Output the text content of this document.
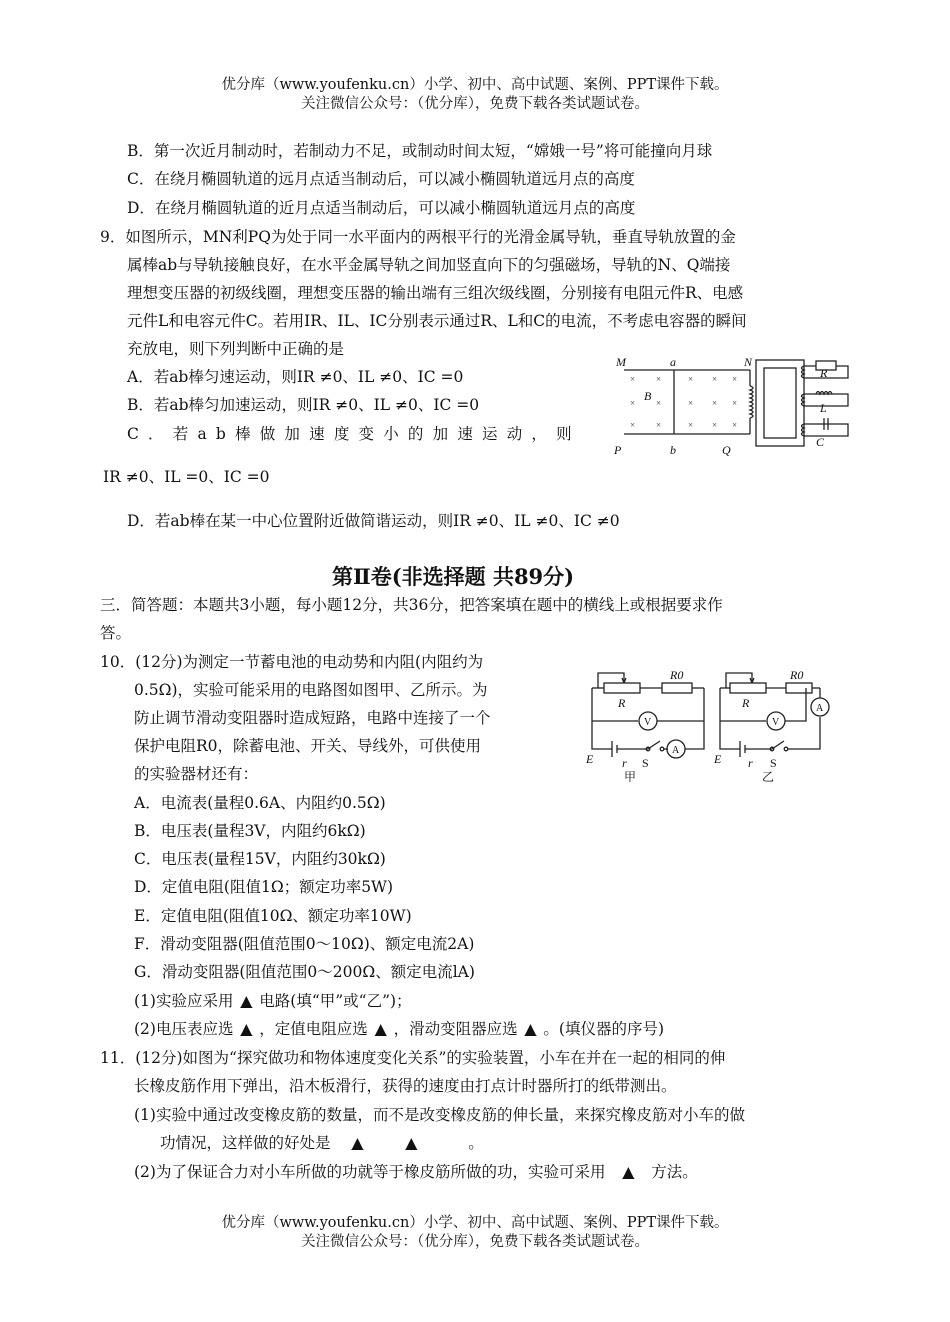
优分库（www.youfenku.cn）小学、初中、高中试题、案例、PPT课件下载。
关注微信公众号：（优分库），免费下载各类试题试卷。
B．第一次近月制动时，若制动力不足，或制动时间太短，“嫦娥一号”将可能撞向月球
C．在绕月椭圆轨道的远月点适当制动后，可以减小椭圆轨道远月点的高度
D．在绕月椭圆轨道的近月点适当制动后，可以减小椭圆轨道远月点的高度
9．如图所示，MN利PQ为处于同一水平面内的两根平行的光滑金属导轨，垂直导轨放置的金
属棒ab与导轨接触良好，在水平金属导轨之间加竖直向下的匀强磁场，导轨的N、Q端接
理想变压器的初级线圈，理想变压器的输出端有三组次级线圈，分别接有电阻元件R、电感
元件L和电容元件C。若用IR、IL、IC分别表示通过R、L和C的电流，不考虑电容器的瞬间
充放电，则下列判断中正确的是
A．若ab棒匀速运动，则IR ≠0、IL ≠0、IC =0
B．若ab棒匀加速运动，则IR ≠0、IL ≠0、IC =0
C．若ab棒做加速度变小的加速运动，则
IR ≠0、IL =0、IC =0
D．若ab棒在某一中心位置附近做简谐运动，则IR ≠0、IL ≠0、IC ≠0
× ×	× × ×
× ×	× × ×
× ×	× × ×
M	a	N
B
P	b	Q
R
L
C
第Ⅱ卷(非选择题 共89分)
三．简答题：本题共3小题，每小题12分，共36分，把答案填在题中的横线上或根据要求作
答。
10．(12分)为测定一节蓄电池的电动势和内阻(内阻约为
0.5Ω)，实验可能采用的电路图如图甲、乙所示。为
防止调节滑动变阻器时造成短路，电路中连接了一个
保护电阻R0，除蓄电池、开关、导线外，可供使用
的实验器材还有：
A．电流表(量程0.6A、内阻约0.5Ω)
B．电压表(量程3V，内阻约6kΩ)
C．电压表(量程15V，内阻约30kΩ)
D．定值电阻(阻值1Ω；额定功率5W)
E．定值电阻(阻值10Ω、额定功率10W)
F．滑动变阻器(阻值范围0～10Ω)、额定电流2A)
G．滑动变阻器(阻值范围0～200Ω、额定电流lA)
(1)实验应采用 ▲ 电路(填“甲”或“乙”)；
(2)电压表应选 ▲ ，定值电阻应选 ▲ ，滑动变阻器应选 ▲ 。(填仪器的序号)
R
R0
V
A
E r S
甲
R
R0
V
A
E r S
乙
11．(12分)如图为“探究做功和物体速度变化关系”的实验装置，小车在并在一起的相同的伸
长橡皮筋作用下弹出，沿木板滑行，获得的速度由打点计时器所打的纸带测出。
(1)实验中通过改变橡皮筋的数量，而不是改变橡皮筋的伸长量，来探究橡皮筋对小车的做
功情况，这样做的好处是 ▲	▲	。
(2)为了保证合力对小车所做的功就等于橡皮筋所做的功，实验可采用 ▲ 方法。
优分库（www.youfenku.cn）小学、初中、高中试题、案例、PPT课件下载。
关注微信公众号：（优分库），免费下载各类试题试卷。
